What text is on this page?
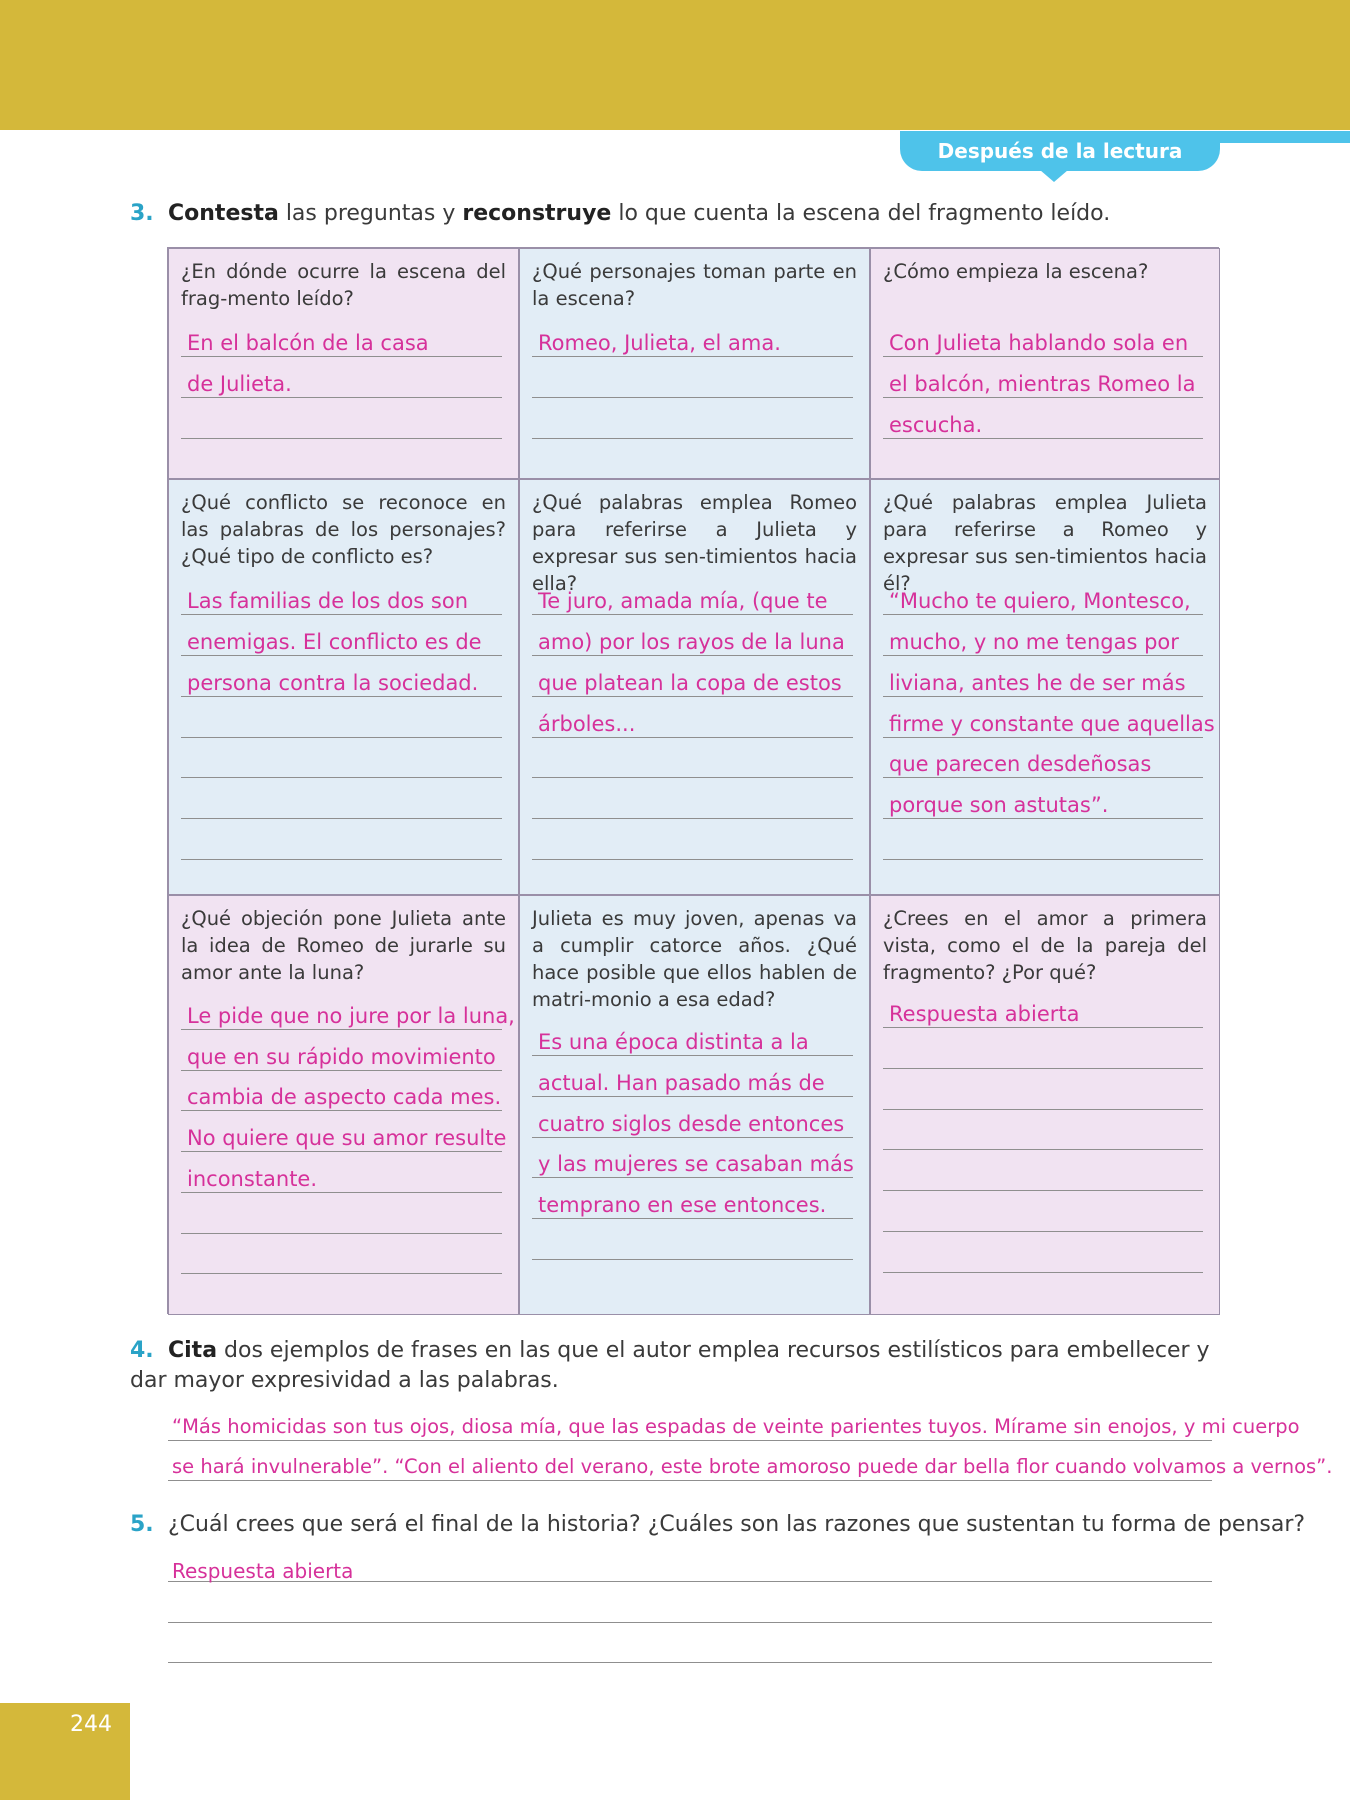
Después de la lectura
3. Contesta las preguntas y reconstruye lo que cuenta la escena del fragmento leído.
¿En dónde ocurre la escena del frag-mento leído?
En el balcón de la casa
de Julieta.
¿Qué personajes toman parte en la escena?
Romeo, Julieta, el ama.
¿Cómo empieza la escena?
Con Julieta hablando sola en
el balcón, mientras Romeo la
escucha.
¿Qué conflicto se reconoce en las palabras de los personajes? ¿Qué tipo de conflicto es?
Las familias de los dos son
enemigas. El conflicto es de
persona contra la sociedad.
¿Qué palabras emplea Romeo para referirse a Julieta y expresar sus sen-timientos hacia ella?
Te juro, amada mía, (que te
amo) por los rayos de la luna
que platean la copa de estos
árboles...
¿Qué palabras emplea Julieta para referirse a Romeo y expresar sus sen-timientos hacia él?
“Mucho te quiero, Montesco,
mucho, y no me tengas por
liviana, antes he de ser más
firme y constante que aquellas
que parecen desdeñosas
porque son astutas”.
¿Qué objeción pone Julieta ante la idea de Romeo de jurarle su amor ante la luna?
Le pide que no jure por la luna,
que en su rápido movimiento
cambia de aspecto cada mes.
No quiere que su amor resulte
inconstante.
Julieta es muy joven, apenas va a cumplir catorce años. ¿Qué hace posible que ellos hablen de matri-monio a esa edad?
Es una época distinta a la
actual. Han pasado más de
cuatro siglos desde entonces
y las mujeres se casaban más
temprano en ese entonces.
¿Crees en el amor a primera vista, como el de la pareja del fragmento? ¿Por qué?
Respuesta abierta
4. Cita dos ejemplos de frases en las que el autor emplea recursos estilísticos para embellecer y dar mayor expresividad a las palabras.
“Más homicidas son tus ojos, diosa mía, que las espadas de veinte parientes tuyos. Mírame sin enojos, y mi cuerpo
se hará invulnerable”. “Con el aliento del verano, este brote amoroso puede dar bella flor cuando volvamos a vernos”.
5. ¿Cuál crees que será el final de la historia? ¿Cuáles son las razones que sustentan tu forma de pensar?
Respuesta abierta
244
